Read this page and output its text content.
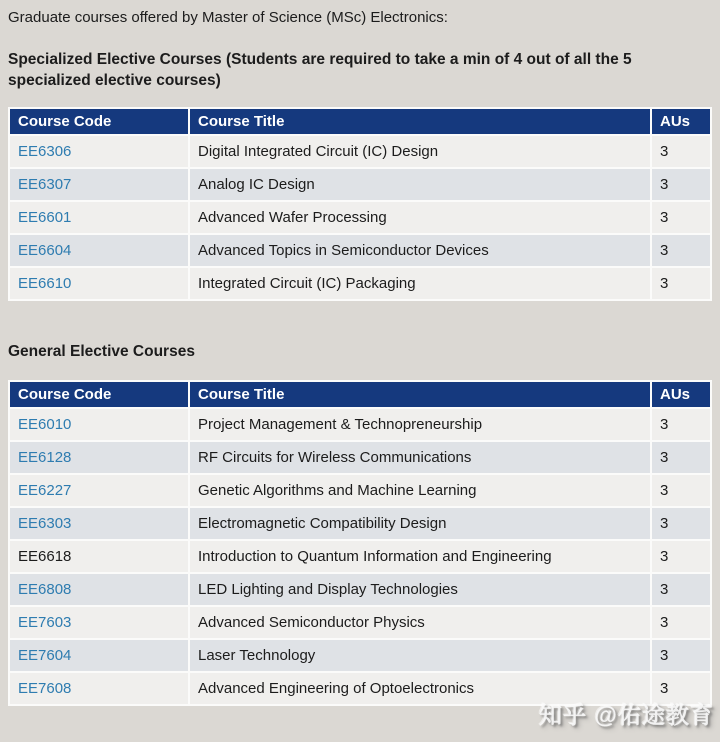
Graduate courses offered by Master of Science (MSc) Electronics:

Specialized Elective Courses (Students are required to take a min of 4 out of all the 5 specialized elective courses)
Course Code	Course Title	AUs
EE6306	Digital Integrated Circuit (IC) Design	3
EE6307	Analog IC Design	3
EE6601	Advanced Wafer Processing	3
EE6604	Advanced Topics in Semiconductor Devices	3
EE6610	Integrated Circuit (IC) Packaging	3
General Elective Courses
Course Code	Course Title	AUs
EE6010	Project Management & Technopreneurship	3
EE6128	RF Circuits for Wireless Communications	3
EE6227	Genetic Algorithms and Machine Learning	3
EE6303	Electromagnetic Compatibility Design	3
EE6618	Introduction to Quantum Information and Engineering	3
EE6808	LED Lighting and Display Technologies	3
EE7603	Advanced Semiconductor Physics	3
EE7604	Laser Technology	3
EE7608	Advanced Engineering of Optoelectronics	3
知乎 @佑途教育
